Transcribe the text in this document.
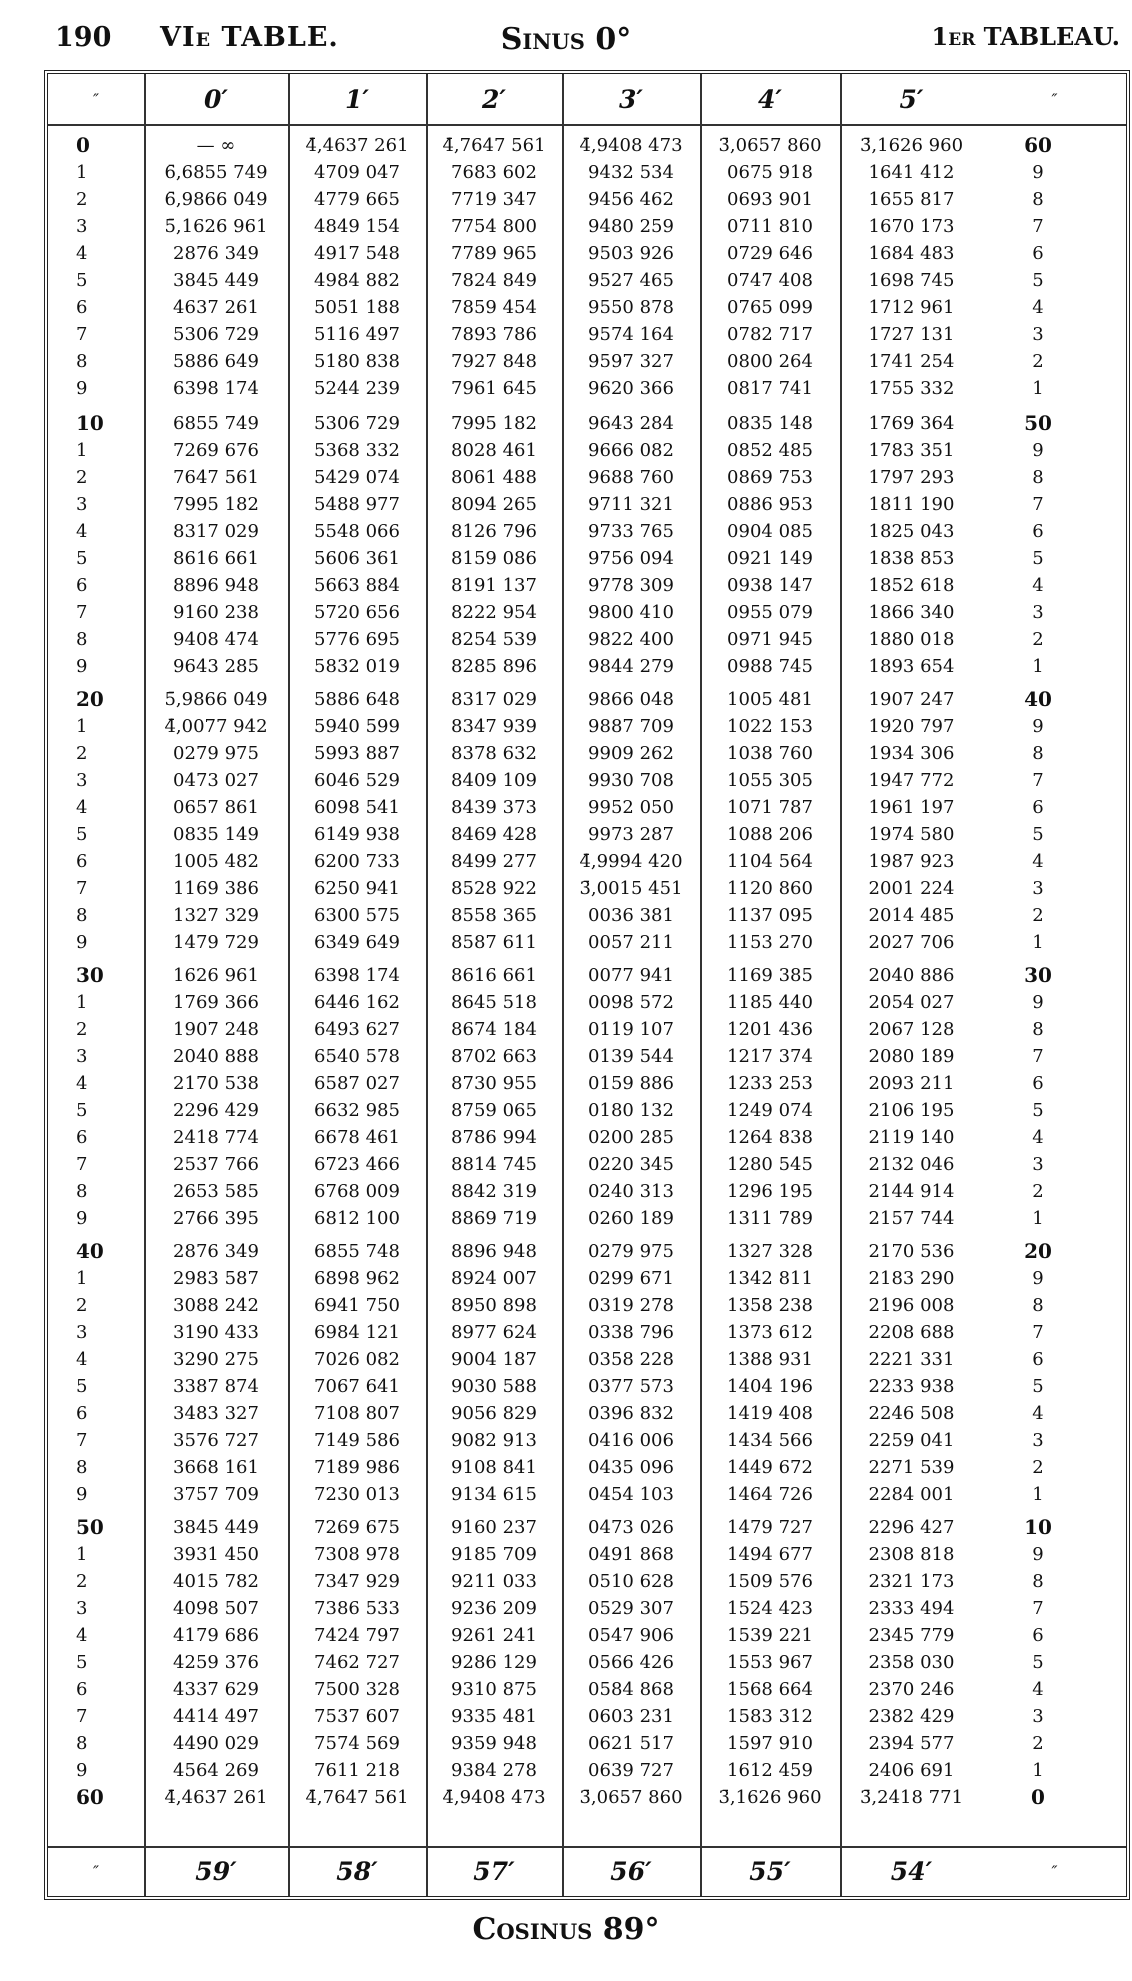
190 VIe TABLE.	Sinus 0°	1er TABLEAU.
″	0′	1′	2′	3′	4′	5′	″
″	59′	58′	57′	56′	55′	54′	″
0	— ∞	4̄,4637 261	4̄,7647 561	4̄,9408 473	3̄,0657 860	3̄,1626 960	60
1	6̄,6855 749	4709 047	7683 602	9432 534	0675 918	1641 412	9
2	6̄,9866 049	4779 665	7719 347	9456 462	0693 901	1655 817	8
3	5̄,1626 961	4849 154	7754 800	9480 259	0711 810	1670 173	7
4	2876 349	4917 548	7789 965	9503 926	0729 646	1684 483	6
5	3845 449	4984 882	7824 849	9527 465	0747 408	1698 745	5
6	4637 261	5051 188	7859 454	9550 878	0765 099	1712 961	4
7	5306 729	5116 497	7893 786	9574 164	0782 717	1727 131	3
8	5886 649	5180 838	7927 848	9597 327	0800 264	1741 254	2
9	6398 174	5244 239	7961 645	9620 366	0817 741	1755 332	1
10	6855 749	5306 729	7995 182	9643 284	0835 148	1769 364	50
1	7269 676	5368 332	8028 461	9666 082	0852 485	1783 351	9
2	7647 561	5429 074	8061 488	9688 760	0869 753	1797 293	8
3	7995 182	5488 977	8094 265	9711 321	0886 953	1811 190	7
4	8317 029	5548 066	8126 796	9733 765	0904 085	1825 043	6
5	8616 661	5606 361	8159 086	9756 094	0921 149	1838 853	5
6	8896 948	5663 884	8191 137	9778 309	0938 147	1852 618	4
7	9160 238	5720 656	8222 954	9800 410	0955 079	1866 340	3
8	9408 474	5776 695	8254 539	9822 400	0971 945	1880 018	2
9	9643 285	5832 019	8285 896	9844 279	0988 745	1893 654	1
20	5̄,9866 049	5886 648	8317 029	9866 048	1005 481	1907 247	40
1	4̄,0077 942	5940 599	8347 939	9887 709	1022 153	1920 797	9
2	0279 975	5993 887	8378 632	9909 262	1038 760	1934 306	8
3	0473 027	6046 529	8409 109	9930 708	1055 305	1947 772	7
4	0657 861	6098 541	8439 373	9952 050	1071 787	1961 197	6
5	0835 149	6149 938	8469 428	9973 287	1088 206	1974 580	5
6	1005 482	6200 733	8499 277	4̄,9994 420	1104 564	1987 923	4
7	1169 386	6250 941	8528 922	3̄,0015 451	1120 860	2001 224	3
8	1327 329	6300 575	8558 365	0036 381	1137 095	2014 485	2
9	1479 729	6349 649	8587 611	0057 211	1153 270	2027 706	1
30	1626 961	6398 174	8616 661	0077 941	1169 385	2040 886	30
1	1769 366	6446 162	8645 518	0098 572	1185 440	2054 027	9
2	1907 248	6493 627	8674 184	0119 107	1201 436	2067 128	8
3	2040 888	6540 578	8702 663	0139 544	1217 374	2080 189	7
4	2170 538	6587 027	8730 955	0159 886	1233 253	2093 211	6
5	2296 429	6632 985	8759 065	0180 132	1249 074	2106 195	5
6	2418 774	6678 461	8786 994	0200 285	1264 838	2119 140	4
7	2537 766	6723 466	8814 745	0220 345	1280 545	2132 046	3
8	2653 585	6768 009	8842 319	0240 313	1296 195	2144 914	2
9	2766 395	6812 100	8869 719	0260 189	1311 789	2157 744	1
40	2876 349	6855 748	8896 948	0279 975	1327 328	2170 536	20
1	2983 587	6898 962	8924 007	0299 671	1342 811	2183 290	9
2	3088 242	6941 750	8950 898	0319 278	1358 238	2196 008	8
3	3190 433	6984 121	8977 624	0338 796	1373 612	2208 688	7
4	3290 275	7026 082	9004 187	0358 228	1388 931	2221 331	6
5	3387 874	7067 641	9030 588	0377 573	1404 196	2233 938	5
6	3483 327	7108 807	9056 829	0396 832	1419 408	2246 508	4
7	3576 727	7149 586	9082 913	0416 006	1434 566	2259 041	3
8	3668 161	7189 986	9108 841	0435 096	1449 672	2271 539	2
9	3757 709	7230 013	9134 615	0454 103	1464 726	2284 001	1
50	3845 449	7269 675	9160 237	0473 026	1479 727	2296 427	10
1	3931 450	7308 978	9185 709	0491 868	1494 677	2308 818	9
2	4015 782	7347 929	9211 033	0510 628	1509 576	2321 173	8
3	4098 507	7386 533	9236 209	0529 307	1524 423	2333 494	7
4	4179 686	7424 797	9261 241	0547 906	1539 221	2345 779	6
5	4259 376	7462 727	9286 129	0566 426	1553 967	2358 030	5
6	4337 629	7500 328	9310 875	0584 868	1568 664	2370 246	4
7	4414 497	7537 607	9335 481	0603 231	1583 312	2382 429	3
8	4490 029	7574 569	9359 948	0621 517	1597 910	2394 577	2
9	4564 269	7611 218	9384 278	0639 727	1612 459	2406 691	1
60	4̄,4637 261	4̄,7647 561	4̄,9408 473	3̄,0657 860	3̄,1626 960	3̄,2418 771	0
Cosinus 89°
